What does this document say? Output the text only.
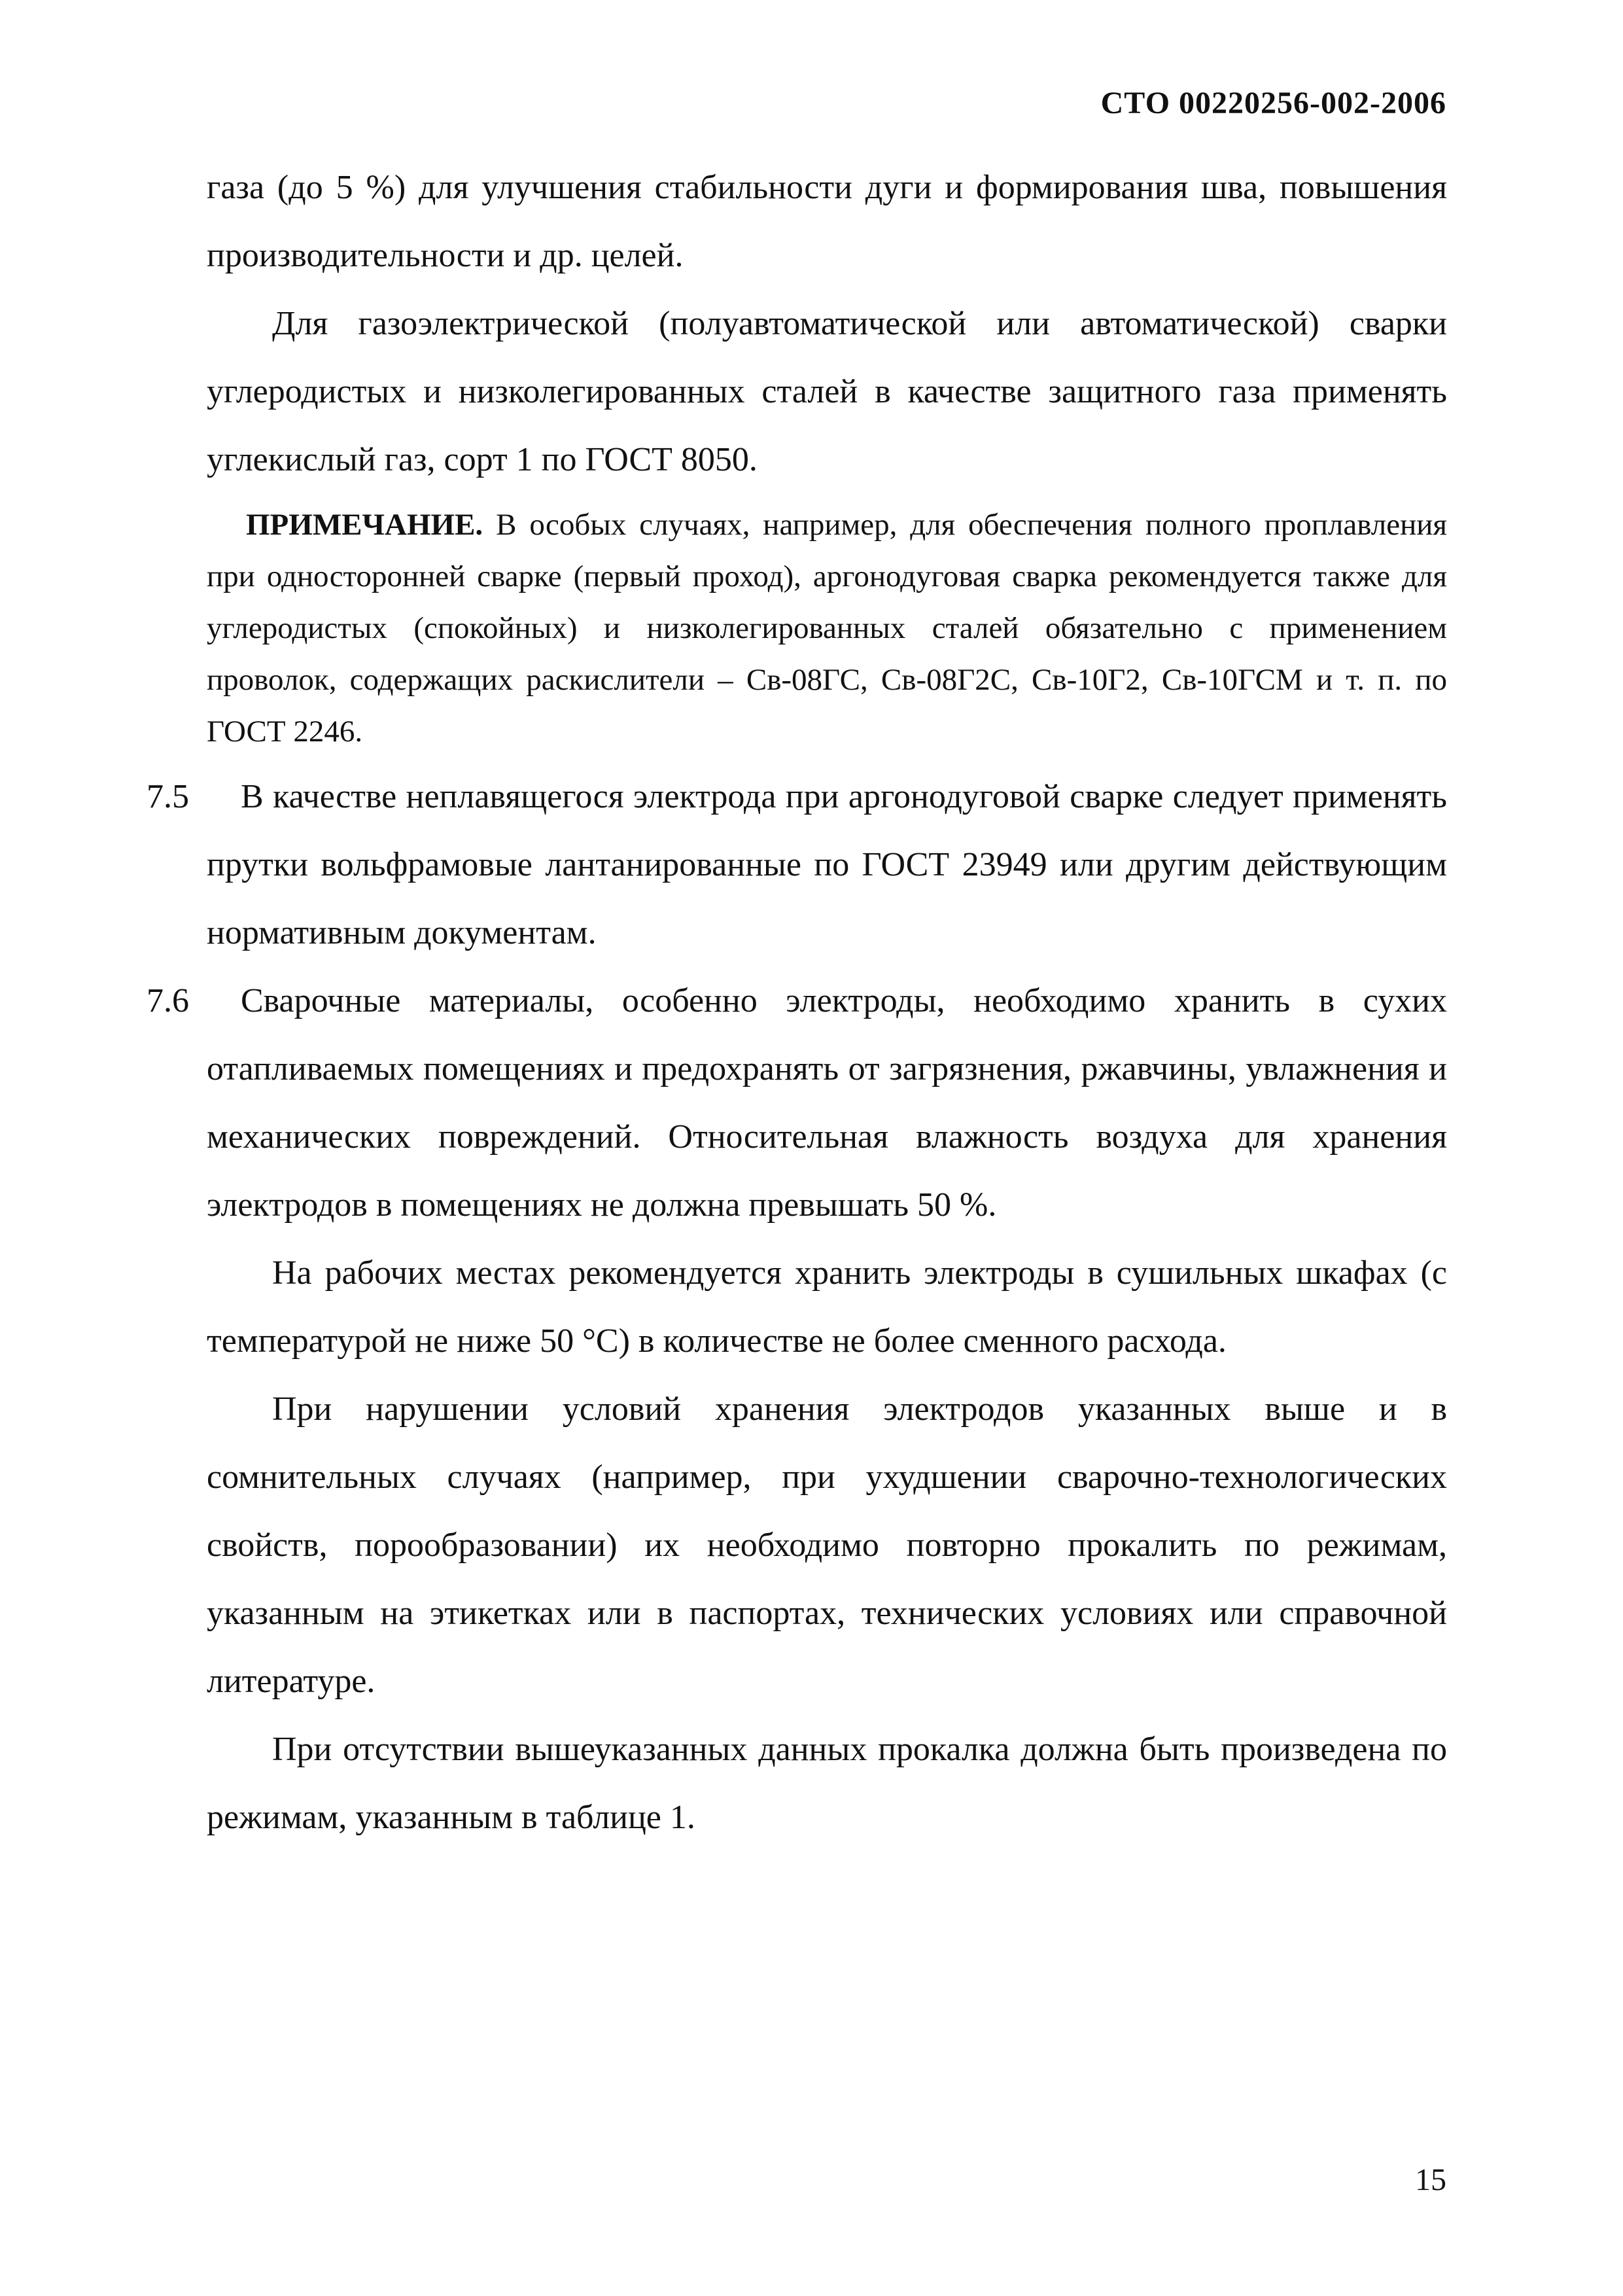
СТО 00220256-002-2006

газа (до 5 %) для улучшения стабильности дуги и формирования шва, повышения производительности и др. целей.

Для газоэлектрической (полуавтоматической или автоматической) сварки углеродистых и низколегированных сталей в качестве защитного газа применять углекислый газ, сорт 1 по ГОСТ 8050.

ПРИМЕЧАНИЕ. В особых случаях, например, для обеспечения полного проплавления при односторонней сварке (первый проход), аргонодуговая сварка рекомендуется также для углеродистых (спокойных) и низколегированных сталей обязательно с применением проволок, содержащих раскислители – Св-08ГС, Св-08Г2С, Св-10Г2, Св-10ГСМ и т. п. по ГОСТ 2246.

7.5 В качестве неплавящегося электрода при аргонодуговой сварке следует применять прутки вольфрамовые лантанированные по ГОСТ 23949 или другим действующим нормативным документам.
7.6 Сварочные материалы, особенно электроды, необходимо хранить в сухих отапливаемых помещениях и предохранять от загрязнения, ржавчины, увлажнения и механических повреждений. Относительная влажность воздуха для хранения электродов в помещениях не должна превышать 50 %.

На рабочих местах рекомендуется хранить электроды в сушильных шкафах (с температурой не ниже 50 °С) в количестве не более сменного расхода.

При нарушении условий хранения электродов указанных выше и в сомнительных случаях (например, при ухудшении сварочно-технологических свойств, порообразовании) их необходимо повторно прокалить по режимам, указанным на этикетках или в паспортах, технических условиях или справочной литературе.

При отсутствии вышеуказанных данных прокалка должна быть произведена по режимам, указанным в таблице 1.

15
